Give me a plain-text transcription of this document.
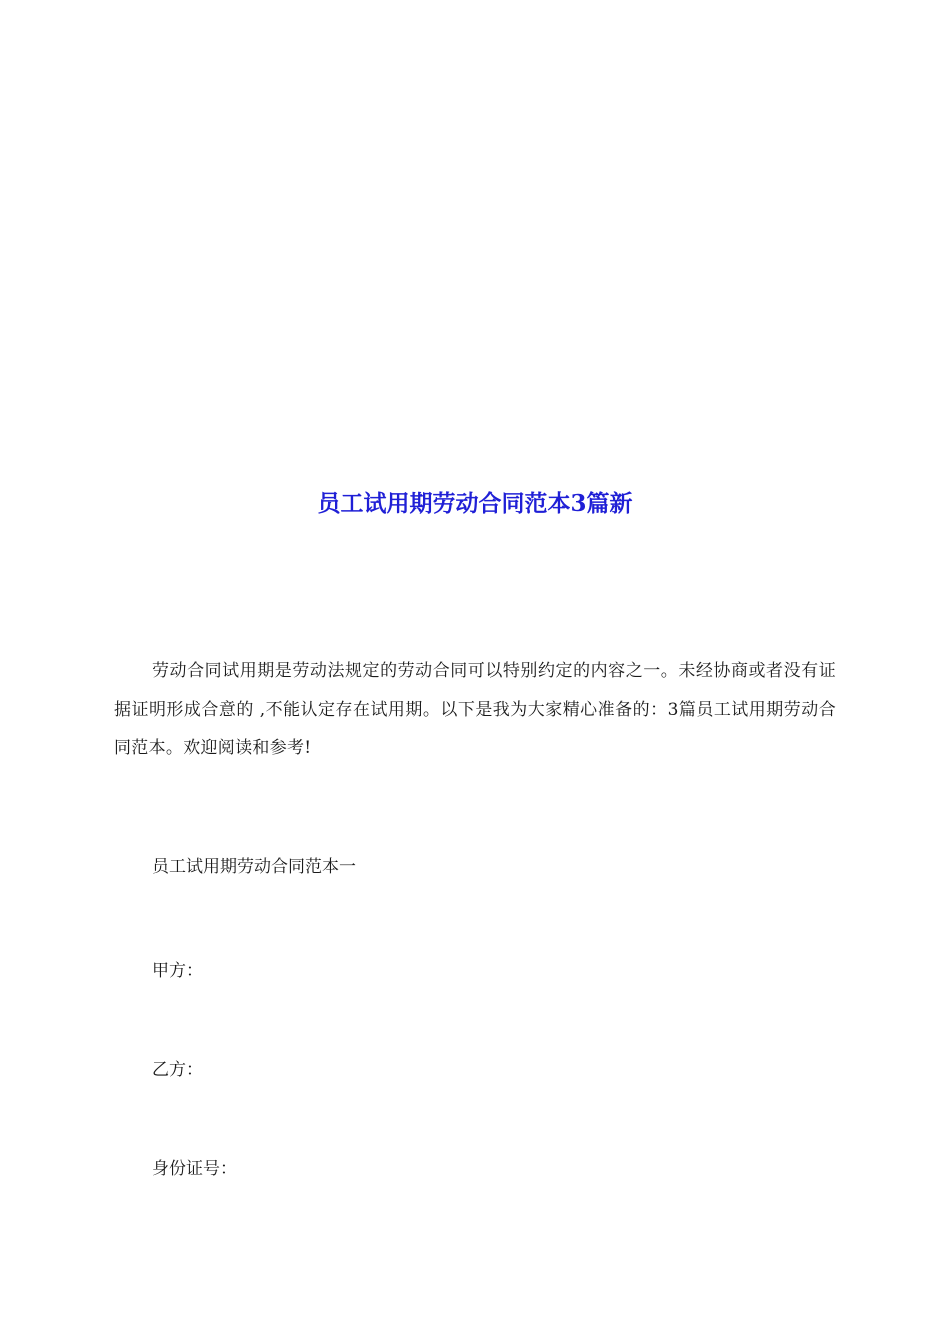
员工试用期劳动合同范本3篇新

劳动合同试用期是劳动法规定的劳动合同可以特别约定的内容之一。未经协商或者没有证据证明形成合意的 ,不能认定存在试用期。以下是我为大家精心准备的：3篇员工试用期劳动合同范本。欢迎阅读和参考!

员工试用期劳动合同范本一

甲方：

乙方：

身份证号：
